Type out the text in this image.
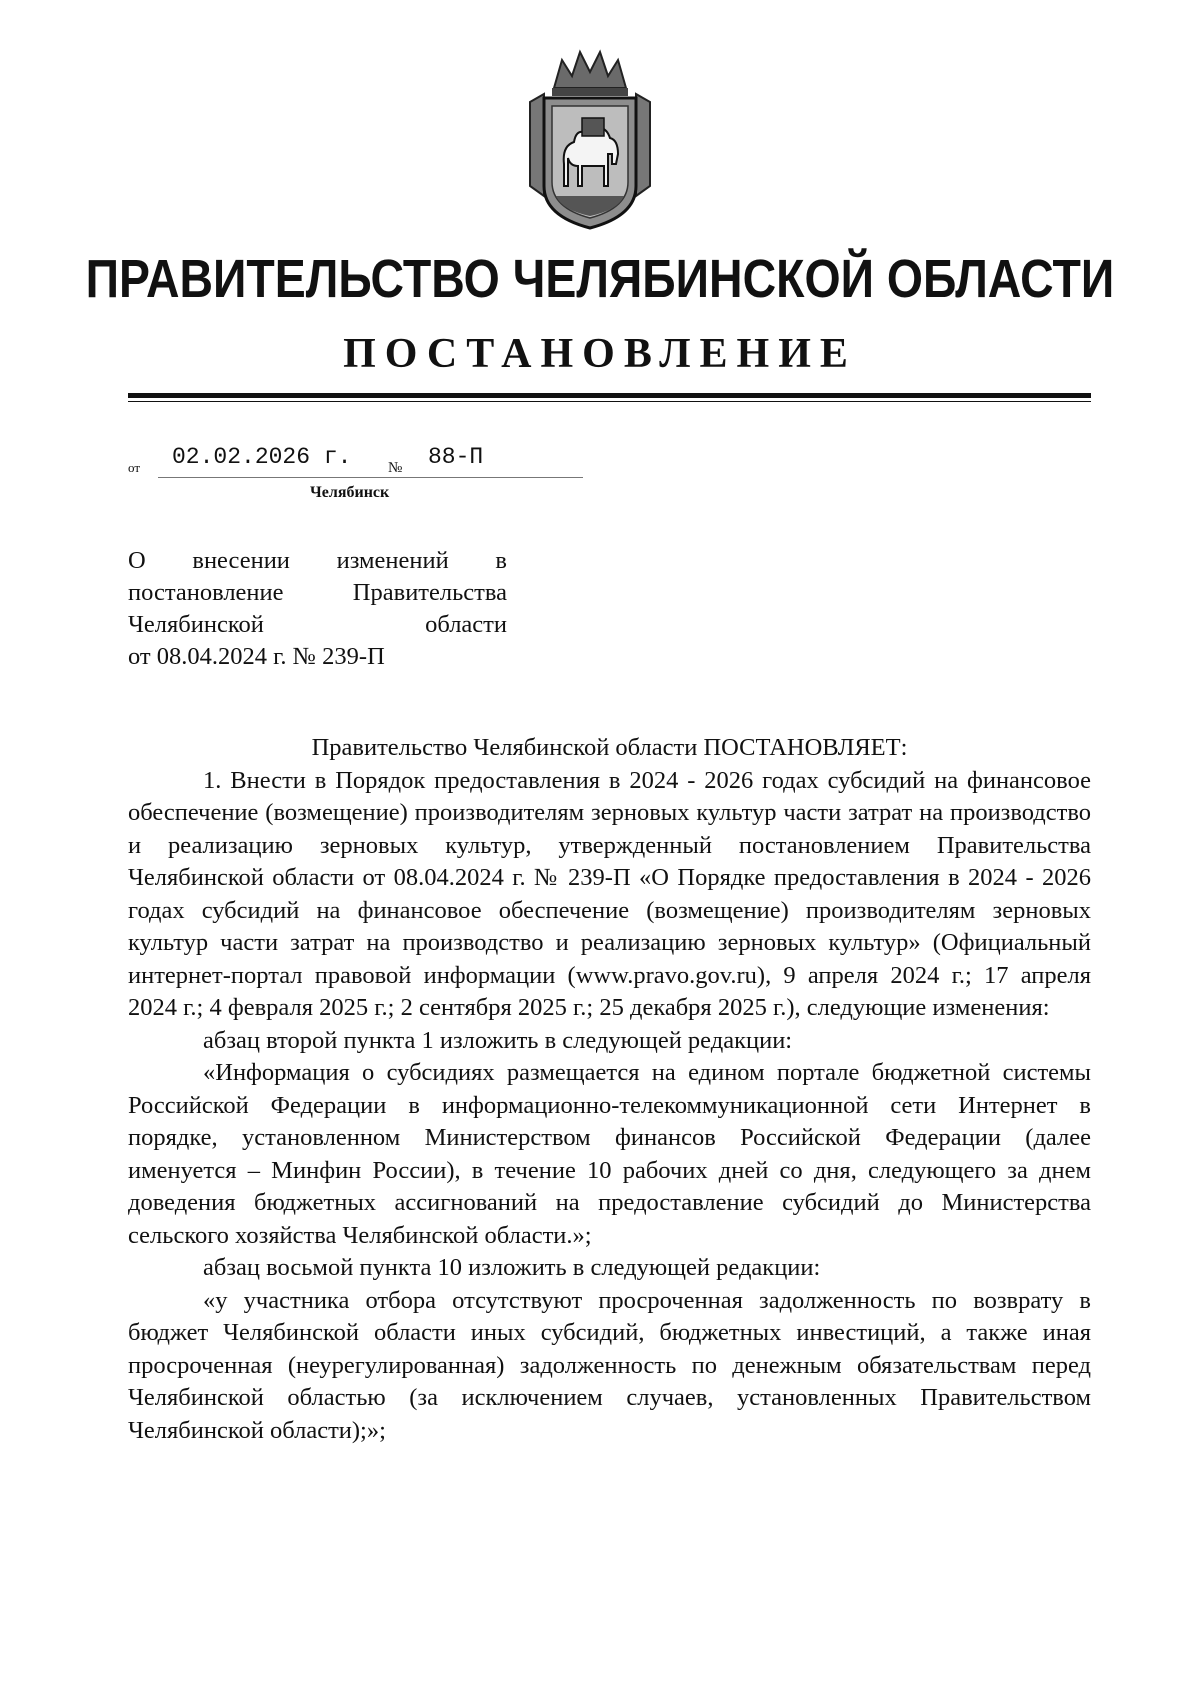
ПРАВИТЕЛЬСТВО ЧЕЛЯБИНСКОЙ ОБЛАСТИ
ПОСТАНОВЛЕНИЕ
от 02.02.2026 г. № 88-П
Челябинск
О внесении изменений в
постановление Правительства
Челябинской области
от 08.04.2024 г. № 239-П

Правительство Челябинской области ПОСТАНОВЛЯЕТ:

1. Внести в Порядок предоставления в 2024 - 2026 годах субсидий на финансовое обеспечение (возмещение) производителям зерновых культур части затрат на производство и реализацию зерновых культур, утвержденный постановлением Правительства Челябинской области от 08.04.2024 г. № 239-П «О Порядке предоставления в 2024 - 2026 годах субсидий на финансовое обеспечение (возмещение) производителям зерновых культур части затрат на производство и реализацию зерновых культур» (Официальный интернет-портал правовой информации (www.pravo.gov.ru), 9 апреля 2024 г.; 17 апреля 2024 г.; 4 февраля 2025 г.; 2 сентября 2025 г.; 25 декабря 2025 г.), следующие изменения:

абзац второй пункта 1 изложить в следующей редакции:

«Информация о субсидиях размещается на едином портале бюджетной системы Российской Федерации в информационно-телекоммуникационной сети Интернет в порядке, установленном Министерством финансов Российской Федерации (далее именуется – Минфин России), в течение 10 рабочих дней со дня, следующего за днем доведения бюджетных ассигнований на предоставление субсидий до Министерства сельского хозяйства Челябинской области.»;

абзац восьмой пункта 10 изложить в следующей редакции:

«у участника отбора отсутствуют просроченная задолженность по возврату в бюджет Челябинской области иных субсидий, бюджетных инвестиций, а также иная просроченная (неурегулированная) задолженность по денежным обязательствам перед Челябинской областью (за исключением случаев, установленных Правительством Челябинской области);»;
